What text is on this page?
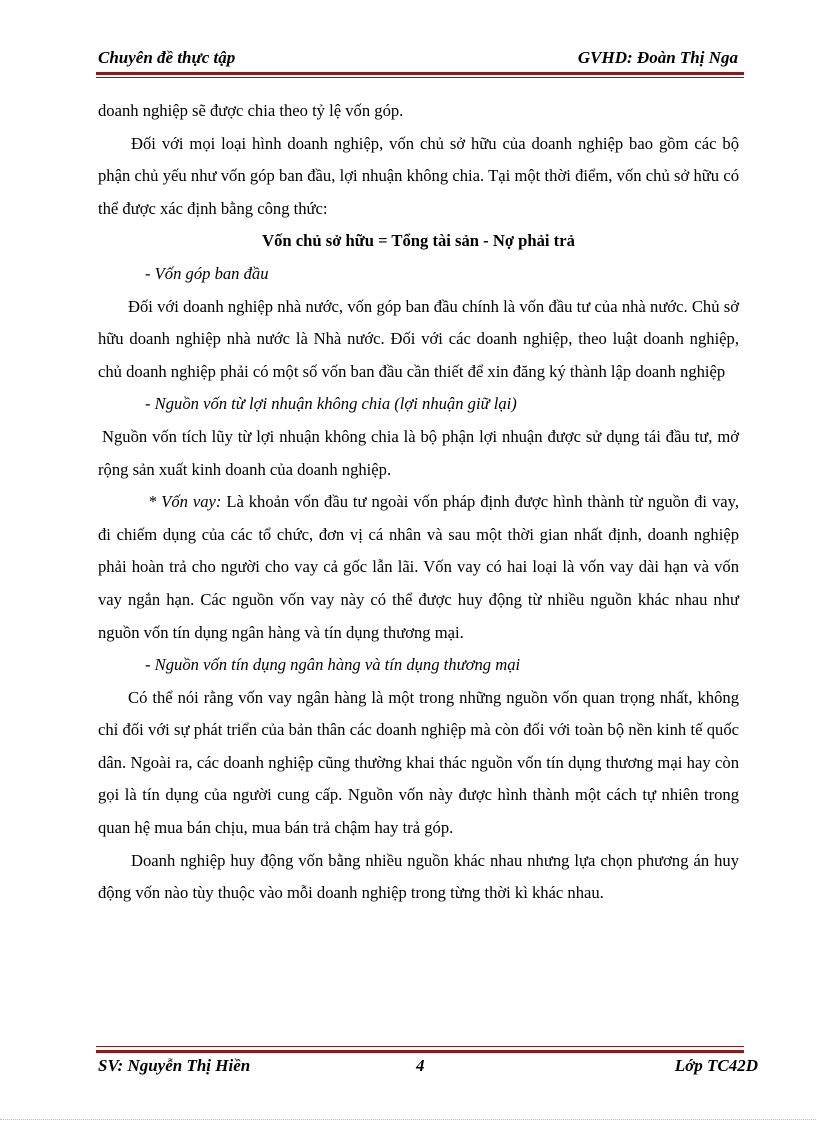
Chuyên đề thực tập	GVHD: Đoàn Thị Nga

doanh nghiệp sẽ được chia theo tỷ lệ vốn góp.

Đối với mọi loại hình doanh nghiệp, vốn chủ sở hữu của doanh nghiệp bao gồm các bộ phận chủ yếu như vốn góp ban đầu, lợi nhuận không chia. Tại một thời điểm, vốn chủ sở hữu có thể được xác định bằng công thức:

Vốn chủ sở hữu = Tổng tài sản - Nợ phải trả

- Vốn góp ban đầu

Đối với doanh nghiệp nhà nước, vốn góp ban đầu chính là vốn đầu tư của nhà nước. Chủ sở hữu doanh nghiệp nhà nước là Nhà nước. Đối với các doanh nghiệp, theo luật doanh nghiệp, chủ doanh nghiệp phải có một số vốn ban đầu cần thiết để xin đăng ký thành lập doanh nghiệp

- Nguồn vốn từ lợi nhuận không chia (lợi nhuận giữ lại)

Nguồn vốn tích lũy từ lợi nhuận không chia là bộ phận lợi nhuận được sử dụng tái đầu tư, mở rộng sản xuất kinh doanh của doanh nghiệp.

* Vốn vay: Là khoản vốn đầu tư ngoài vốn pháp định được hình thành từ nguồn đi vay, đi chiếm dụng của các tổ chức, đơn vị cá nhân và sau một thời gian nhất định, doanh nghiệp phải hoàn trả cho người cho vay cả gốc lẫn lãi. Vốn vay có hai loại là vốn vay dài hạn và vốn vay ngắn hạn. Các nguồn vốn vay này có thể được huy động từ nhiều nguồn khác nhau như nguồn vốn tín dụng ngân hàng và tín dụng thương mại.

- Nguồn vốn tín dụng ngân hàng và tín dụng thương mại

Có thể nói rằng vốn vay ngân hàng là một trong những nguồn vốn quan trọng nhất, không chỉ đối với sự phát triển của bản thân các doanh nghiệp mà còn đối với toàn bộ nền kinh tế quốc dân. Ngoài ra, các doanh nghiệp cũng thường khai thác nguồn vốn tín dụng thương mại hay còn gọi là tín dụng của người cung cấp. Nguồn vốn này được hình thành một cách tự nhiên trong quan hệ mua bán chịu, mua bán trả chậm hay trả góp.

Doanh nghiệp huy động vốn bằng nhiều nguồn khác nhau nhưng lựa chọn phương án huy động vốn nào tùy thuộc vào mỗi doanh nghiệp trong từng thời kì khác nhau.

SV: Nguyễn Thị Hiền	4	Lớp TC42D
